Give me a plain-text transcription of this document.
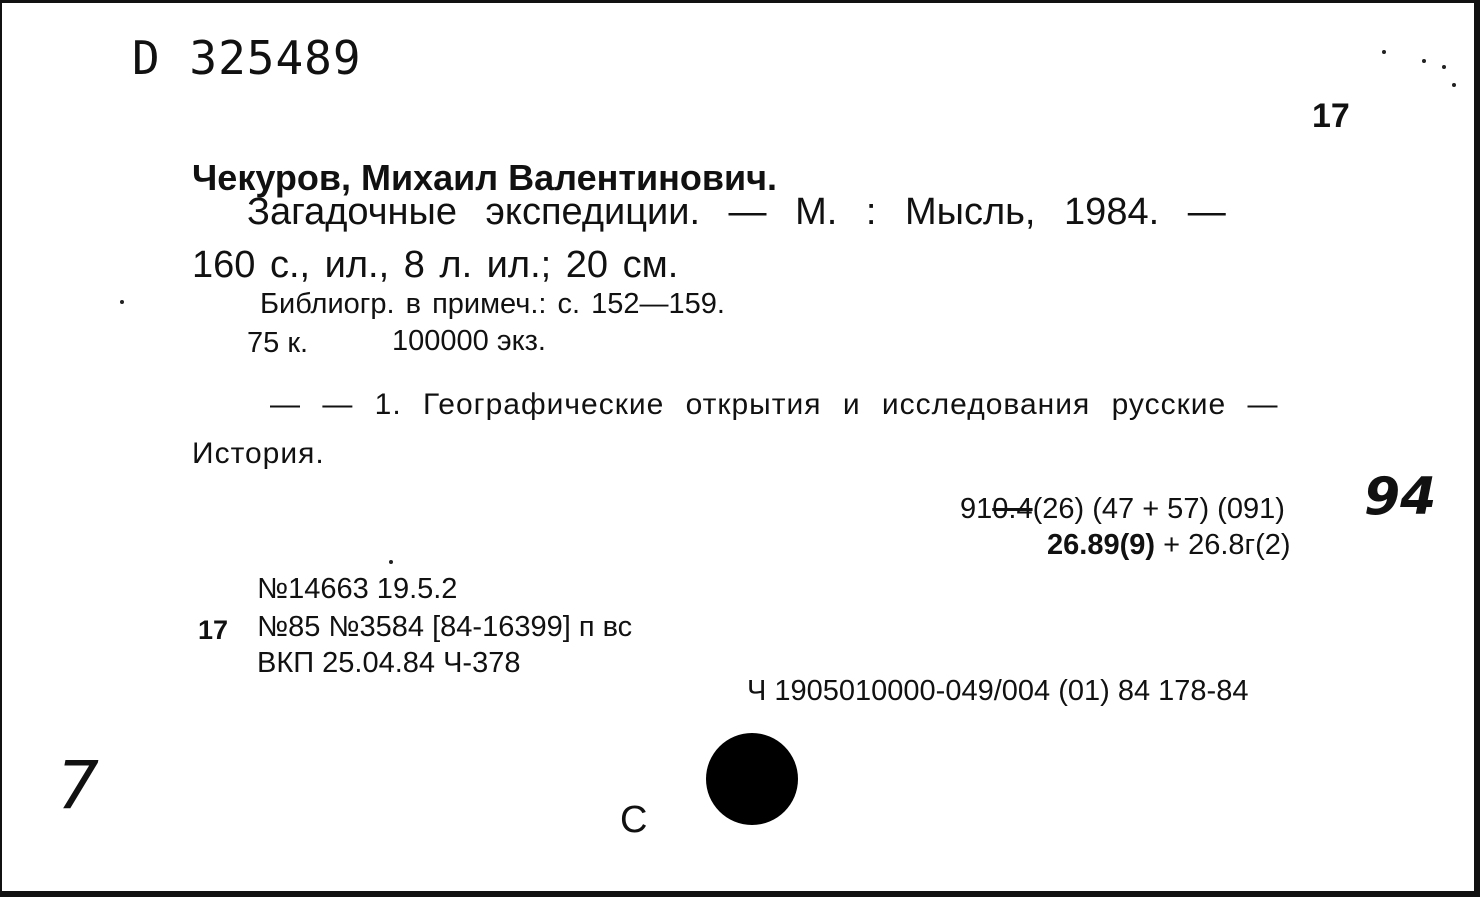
D 325489
17
Чекуров, Михаил Валентинович.
Загадочные экспедиции. — М. : Мысль, 1984. —
160 с., ил., 8 л. ил.; 20 см.
Библиогр. в примеч.: с. 152—159.
75 к.	100000 экз.
— — 1. Географические открытия и исследования русские —
История.
910.4(26) (47 + 57) (091) 94
26.89(9) + 26.8г(2)
№14663 19.5.2
17 №85 №3584 [84-16399] п вс
ВКП 25.04.84 Ч-378
Ч 1905010000-049/004 (01) 84 178-84
7	С
